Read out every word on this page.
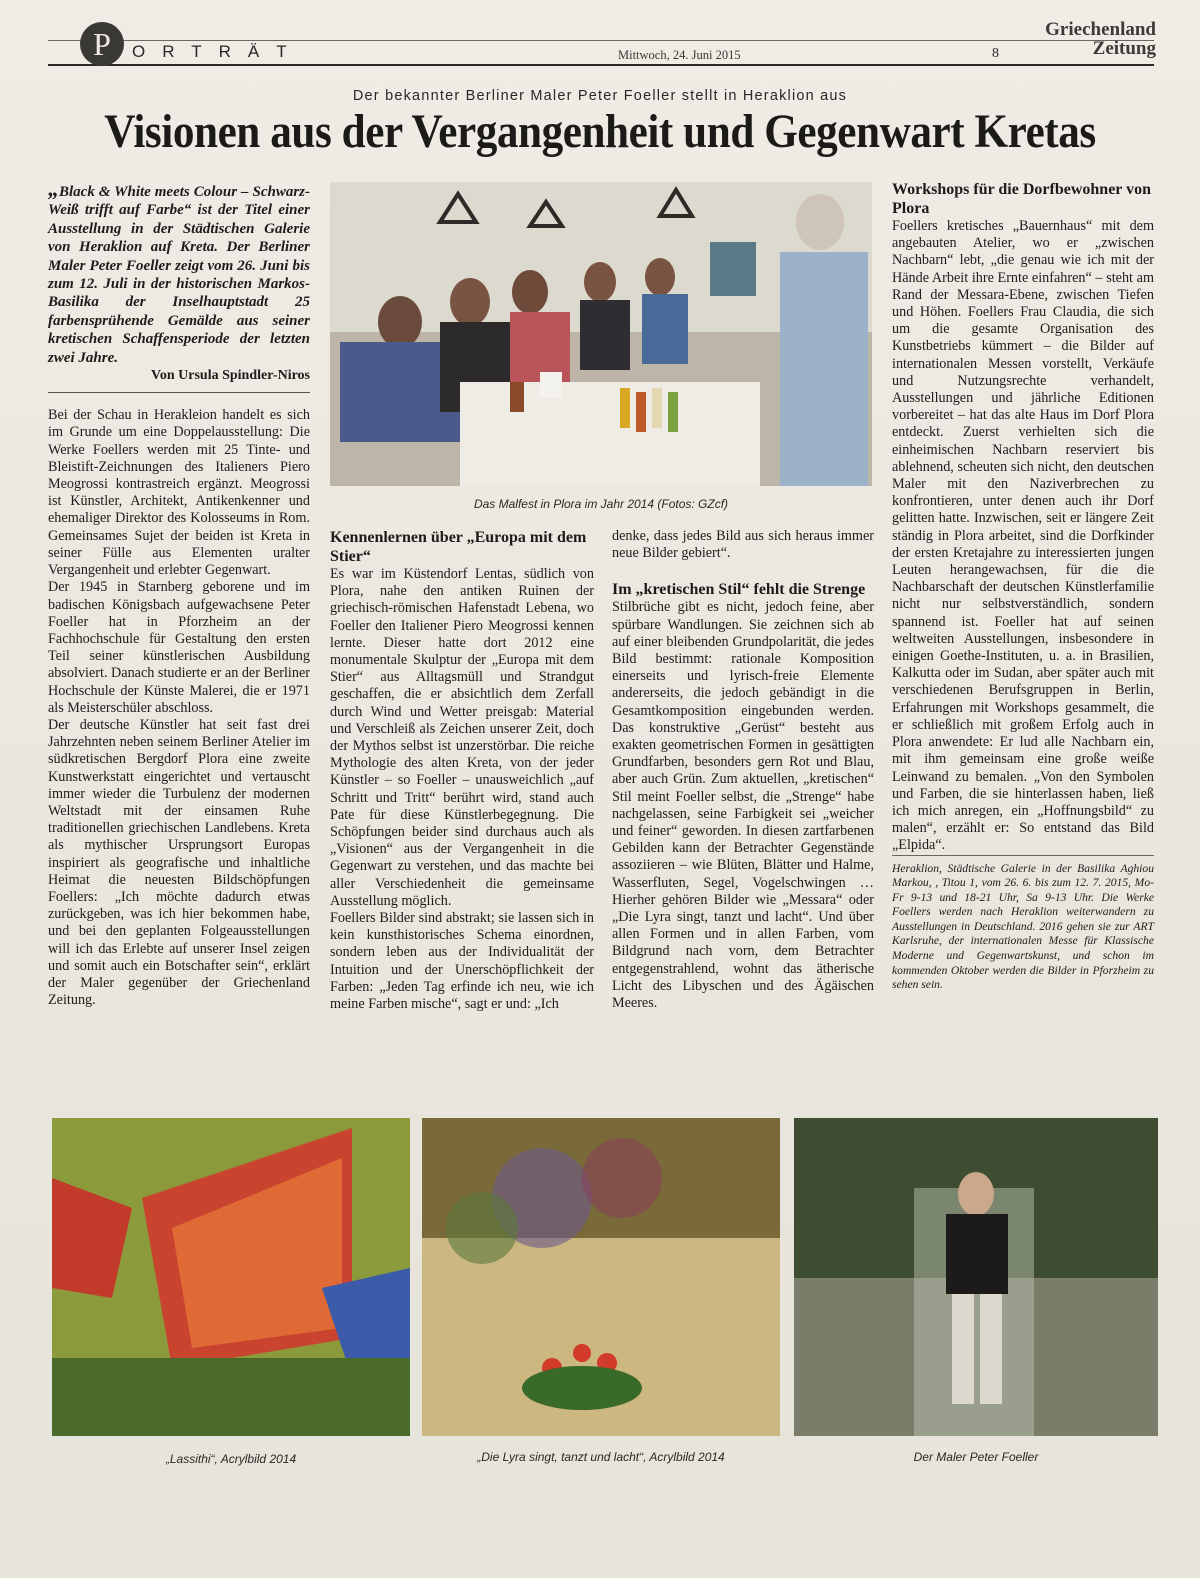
P	ORTRÄT	Mittwoch, 24. Juni 2015	8
Griechenland
Zeitung
Der bekannter Berliner Maler Peter Foeller stellt in Heraklion aus
Visionen aus der Vergangenheit und Gegenwart Kretas

„Black & White meets Colour – Schwarz-Weiß trifft auf Farbe“ ist der Titel einer Ausstellung in der Städtischen Galerie von Heraklion auf Kreta. Der Berliner Maler Peter Foeller zeigt vom 26. Juni bis zum 12. Juli in der historischen Markos-Basilika der Inselhauptstadt 25 farbensprühende Gemälde aus seiner kretischen Schaffensperiode der letzten zwei Jahre.

Von Ursula Spindler-Niros

Bei der Schau in Herakleion handelt es sich im Grunde um eine Doppelausstellung: Die Werke Foellers werden mit 25 Tinte- und Bleistift-Zeichnungen des Italieners Piero Meogrossi kontrastreich ergänzt. Meogrossi ist Künstler, Architekt, Antikenkenner und ehemaliger Direktor des Kolosseums in Rom. Gemeinsames Sujet der beiden ist Kreta in seiner Fülle aus Elementen uralter Vergangenheit und erlebter Gegenwart.

Der 1945 in Starnberg geborene und im badischen Königsbach aufgewachsene Peter Foeller hat in Pforzheim an der Fachhochschule für Gestaltung den ersten Teil seiner künstlerischen Ausbildung absolviert. Danach studierte er an der Berliner Hochschule der Künste Malerei, die er 1971 als Meisterschüler abschloss.

Der deutsche Künstler hat seit fast drei Jahrzehnten neben seinem Berliner Atelier im südkretischen Bergdorf Plora eine zweite Kunstwerkstatt eingerichtet und vertauscht immer wieder die Turbulenz der modernen Weltstadt mit der einsamen Ruhe traditionellen griechischen Landlebens. Kreta als mythischer Ursprungsort Europas inspiriert als geografische und inhaltliche Heimat die neuesten Bildschöpfungen Foellers: „Ich möchte dadurch etwas zurückgeben, was ich hier bekommen habe, und bei den geplanten Folgeausstellungen will ich das Erlebte auf unserer Insel zeigen und somit auch ein Botschafter sein“, erklärt der Maler gegenüber der Griechenland Zeitung.

Das Malfest in Plora im Jahr 2014 (Fotos: GZcf)

Kennenlernen über „Europa mit dem Stier“

Es war im Küstendorf Lentas, südlich von Plora, nahe den antiken Ruinen der griechisch-römischen Hafenstadt Lebena, wo Foeller den Italiener Piero Meogrossi kennen lernte. Dieser hatte dort 2012 eine monumentale Skulptur der „Europa mit dem Stier“ aus Alltagsmüll und Strandgut geschaffen, die er absichtlich dem Zerfall durch Wind und Wetter preisgab: Material und Verschleiß als Zeichen unserer Zeit, doch der Mythos selbst ist unzerstörbar. Die reiche Mythologie des alten Kreta, von der jeder Künstler – so Foeller – unausweichlich „auf Schritt und Tritt“ berührt wird, stand auch Pate für diese Künstlerbegegnung. Die Schöpfungen beider sind durchaus auch als „Visionen“ aus der Vergangenheit in die Gegenwart zu verstehen, und das machte bei aller Verschiedenheit die gemeinsame Ausstellung möglich.

Foellers Bilder sind abstrakt; sie lassen sich in kein kunsthistorisches Schema einordnen, sondern leben aus der Individualität der Intuition und der Unerschöpflichkeit der Farben: „Jeden Tag erfinde ich neu, wie ich meine Farben mische“, sagt er und: „Ich

denke, dass jedes Bild aus sich heraus immer neue Bilder gebiert“.

Im „kretischen Stil“ fehlt die Strenge

Stilbrüche gibt es nicht, jedoch feine, aber spürbare Wandlungen. Sie zeichnen sich ab auf einer bleibenden Grundpolarität, die jedes Bild bestimmt: rationale Komposition einerseits und lyrisch-freie Elemente andererseits, die jedoch gebändigt in die Gesamtkomposition eingebunden werden. Das konstruktive „Gerüst“ besteht aus exakten geometrischen Formen in gesättigten Grundfarben, besonders gern Rot und Blau, aber auch Grün. Zum aktuellen, „kretischen“ Stil meint Foeller selbst, die „Strenge“ habe nachgelassen, seine Farbigkeit sei „weicher und feiner“ geworden. In diesen zartfarbenen Gebilden kann der Betrachter Gegenstände assoziieren – wie Blüten, Blätter und Halme, Wasserfluten, Segel, Vogelschwingen … Hierher gehören Bilder wie „Messara“ oder „Die Lyra singt, tanzt und lacht“. Und über allen Formen und in allen Farben, vom Bildgrund nach vorn, dem Betrachter entgegenstrahlend, wohnt das ätherische Licht des Libyschen und des Ägäischen Meeres.

Workshops für die Dorfbewohner von Plora

Foellers kretisches „Bauernhaus“ mit dem angebauten Atelier, wo er „zwischen Nachbarn“ lebt, „die genau wie ich mit der Hände Arbeit ihre Ernte einfahren“ – steht am Rand der Messara-Ebene, zwischen Tiefen und Höhen. Foellers Frau Claudia, die sich um die gesamte Organisation des Kunstbetriebs kümmert – die Bilder auf internationalen Messen vorstellt, Verkäufe und Nutzungsrechte verhandelt, Ausstellungen und jährliche Editionen vorbereitet – hat das alte Haus im Dorf Plora entdeckt. Zuerst verhielten sich die einheimischen Nachbarn reserviert bis ablehnend, scheuten sich nicht, den deutschen Maler mit den Naziverbrechen zu konfrontieren, unter denen auch ihr Dorf gelitten hatte. Inzwischen, seit er längere Zeit ständig in Plora arbeitet, sind die Dorfkinder der ersten Kretajahre zu interessierten jungen Leuten herangewachsen, für die die Nachbarschaft der deutschen Künstlerfamilie nicht nur selbstverständlich, sondern spannend ist. Foeller hat auf seinen weltweiten Ausstellungen, insbesondere in einigen Goethe-Instituten, u. a. in Brasilien, Kalkutta oder im Sudan, aber später auch mit verschiedenen Berufsgruppen in Berlin, Erfahrungen mit Workshops gesammelt, die er schließlich mit großem Erfolg auch in Plora anwendete: Er lud alle Nachbarn ein, mit ihm gemeinsam eine große weiße Leinwand zu bemalen. „Von den Symbolen und Farben, die sie hinterlassen haben, ließ ich mich anregen, ein „Hoffnungsbild“ zu malen“, erzählt er: So entstand das Bild „Elpida“.

Heraklion, Städtische Galerie in der Basilika Aghiou Markou, , Titou 1, vom 26. 6. bis zum 12. 7. 2015, Mo-Fr 9-13 und 18-21 Uhr, Sa 9-13 Uhr. Die Werke Foellers werden nach Heraklion weiterwandern zu Ausstellungen in Deutschland. 2016 gehen sie zur ART Karlsruhe, der internationalen Messe für Klassische Moderne und Gegenwartskunst, und schon im kommenden Oktober werden die Bilder in Pforzheim zu sehen sein.

„Lassithi“, Acrylbild 2014	„Die Lyra singt, tanzt und lacht“, Acrylbild 2014	Der Maler Peter Foeller
